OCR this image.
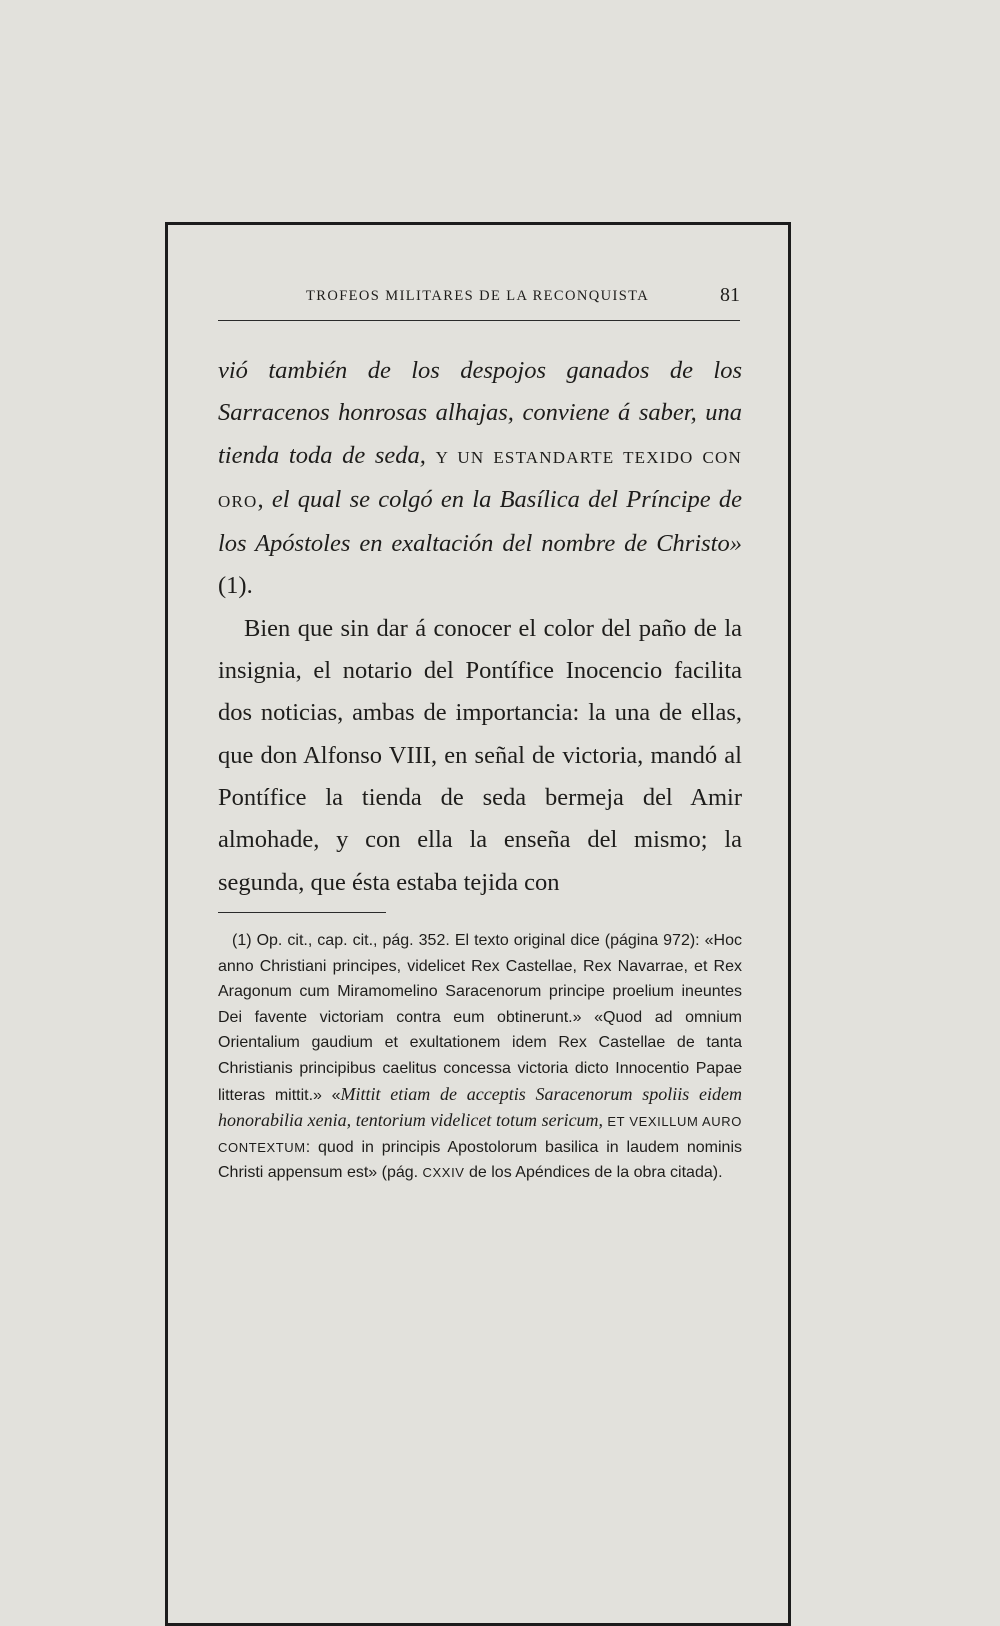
TROFEOS MILITARES DE LA RECONQUISTA	81

vió también de los despojos ganados de los Sarracenos honrosas alhajas, conviene á saber, una tienda toda de seda, Y UN ESTANDARTE TEXIDO CON ORO, el qual se colgó en la Basílica del Príncipe de los Apóstoles en exaltación del nombre de Christo» (1).

Bien que sin dar á conocer el color del paño de la insignia, el notario del Pontífice Inocencio facilita dos noticias, ambas de importancia: la una de ellas, que don Alfonso VIII, en señal de victoria, mandó al Pontífice la tienda de seda bermeja del Amir almohade, y con ella la enseña del mismo; la segunda, que ésta estaba tejida con

(1) Op. cit., cap. cit., pág. 352. El texto original dice (página 972): «Hoc anno Christiani principes, videlicet Rex Castellae, Rex Navarrae, et Rex Aragonum cum Miramomelino Saracenorum principe proelium ineuntes Dei favente victoriam contra eum obtinerunt.» «Quod ad omnium Orientalium gaudium et exultationem idem Rex Castellae de tanta Christianis principibus caelitus concessa victoria dicto Innocentio Papae litteras mittit.» «Mittit etiam de acceptis Saracenorum spoliis eidem honorabilia xenia, tentorium videlicet totum sericum, ET VEXILLUM AURO CONTEXTUM: quod in principis Apostolorum basilica in laudem nominis Christi appensum est» (pág. CXXIV de los Apéndices de la obra citada).
